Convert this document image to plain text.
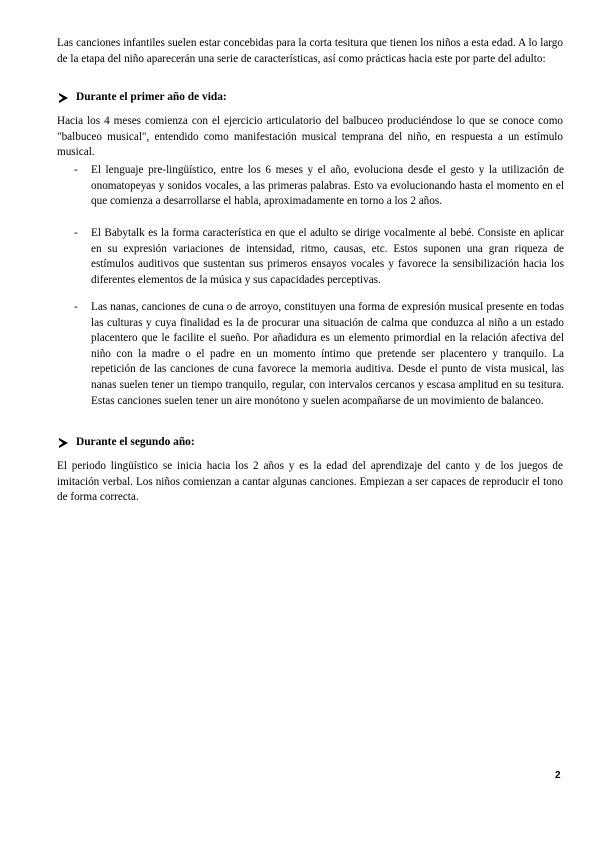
Las canciones infantiles suelen estar concebidas para la corta tesitura que tienen los niños a esta edad. A lo largo de la etapa del niño aparecerán una serie de características, así como prácticas hacia este por parte del adulto:

Durante el primer año de vida:

Hacia los 4 meses comienza con el ejercicio articulatorio del balbuceo produciéndose lo que se conoce como "balbuceo musical", entendido como manifestación musical temprana del niño, en respuesta a un estímulo musical.

- El lenguaje pre-lingüístico, entre los 6 meses y el año, evoluciona desde el gesto y la utilización de onomatopeyas y sonidos vocales, a las primeras palabras. Esto va evolucionando hasta el momento en el que comienza a desarrollarse el habla, aproximadamente en torno a los 2 años.

- El Babytalk es la forma característica en que el adulto se dirige vocalmente al bebé. Consiste en aplicar en su expresión variaciones de intensidad, ritmo, causas, etc. Estos suponen una gran riqueza de estímulos auditivos que sustentan sus primeros ensayos vocales y favorece la sensibilización hacia los diferentes elementos de la música y sus capacidades perceptivas.

- Las nanas, canciones de cuna o de arroyo, constituyen una forma de expresión musical presente en todas las culturas y cuya finalidad es la de procurar una situación de calma que conduzca al niño a un estado placentero que le facilite el sueño. Por añadidura es un elemento primordial en la relación afectiva del niño con la madre o el padre en un momento íntimo que pretende ser placentero y tranquilo. La repetición de las canciones de cuna favorece la memoria auditiva. Desde el punto de vista musical, las nanas suelen tener un tiempo tranquilo, regular, con intervalos cercanos y escasa amplitud en su tesitura. Estas canciones suelen tener un aire monótono y suelen acompañarse de un movimiento de balanceo.

Durante el segundo año:

El periodo lingüístico se inicia hacia los 2 años y es la edad del aprendizaje del canto y de los juegos de imitación verbal. Los niños comienzan a cantar algunas canciones. Empiezan a ser capaces de reproducir el tono de forma correcta.

2
